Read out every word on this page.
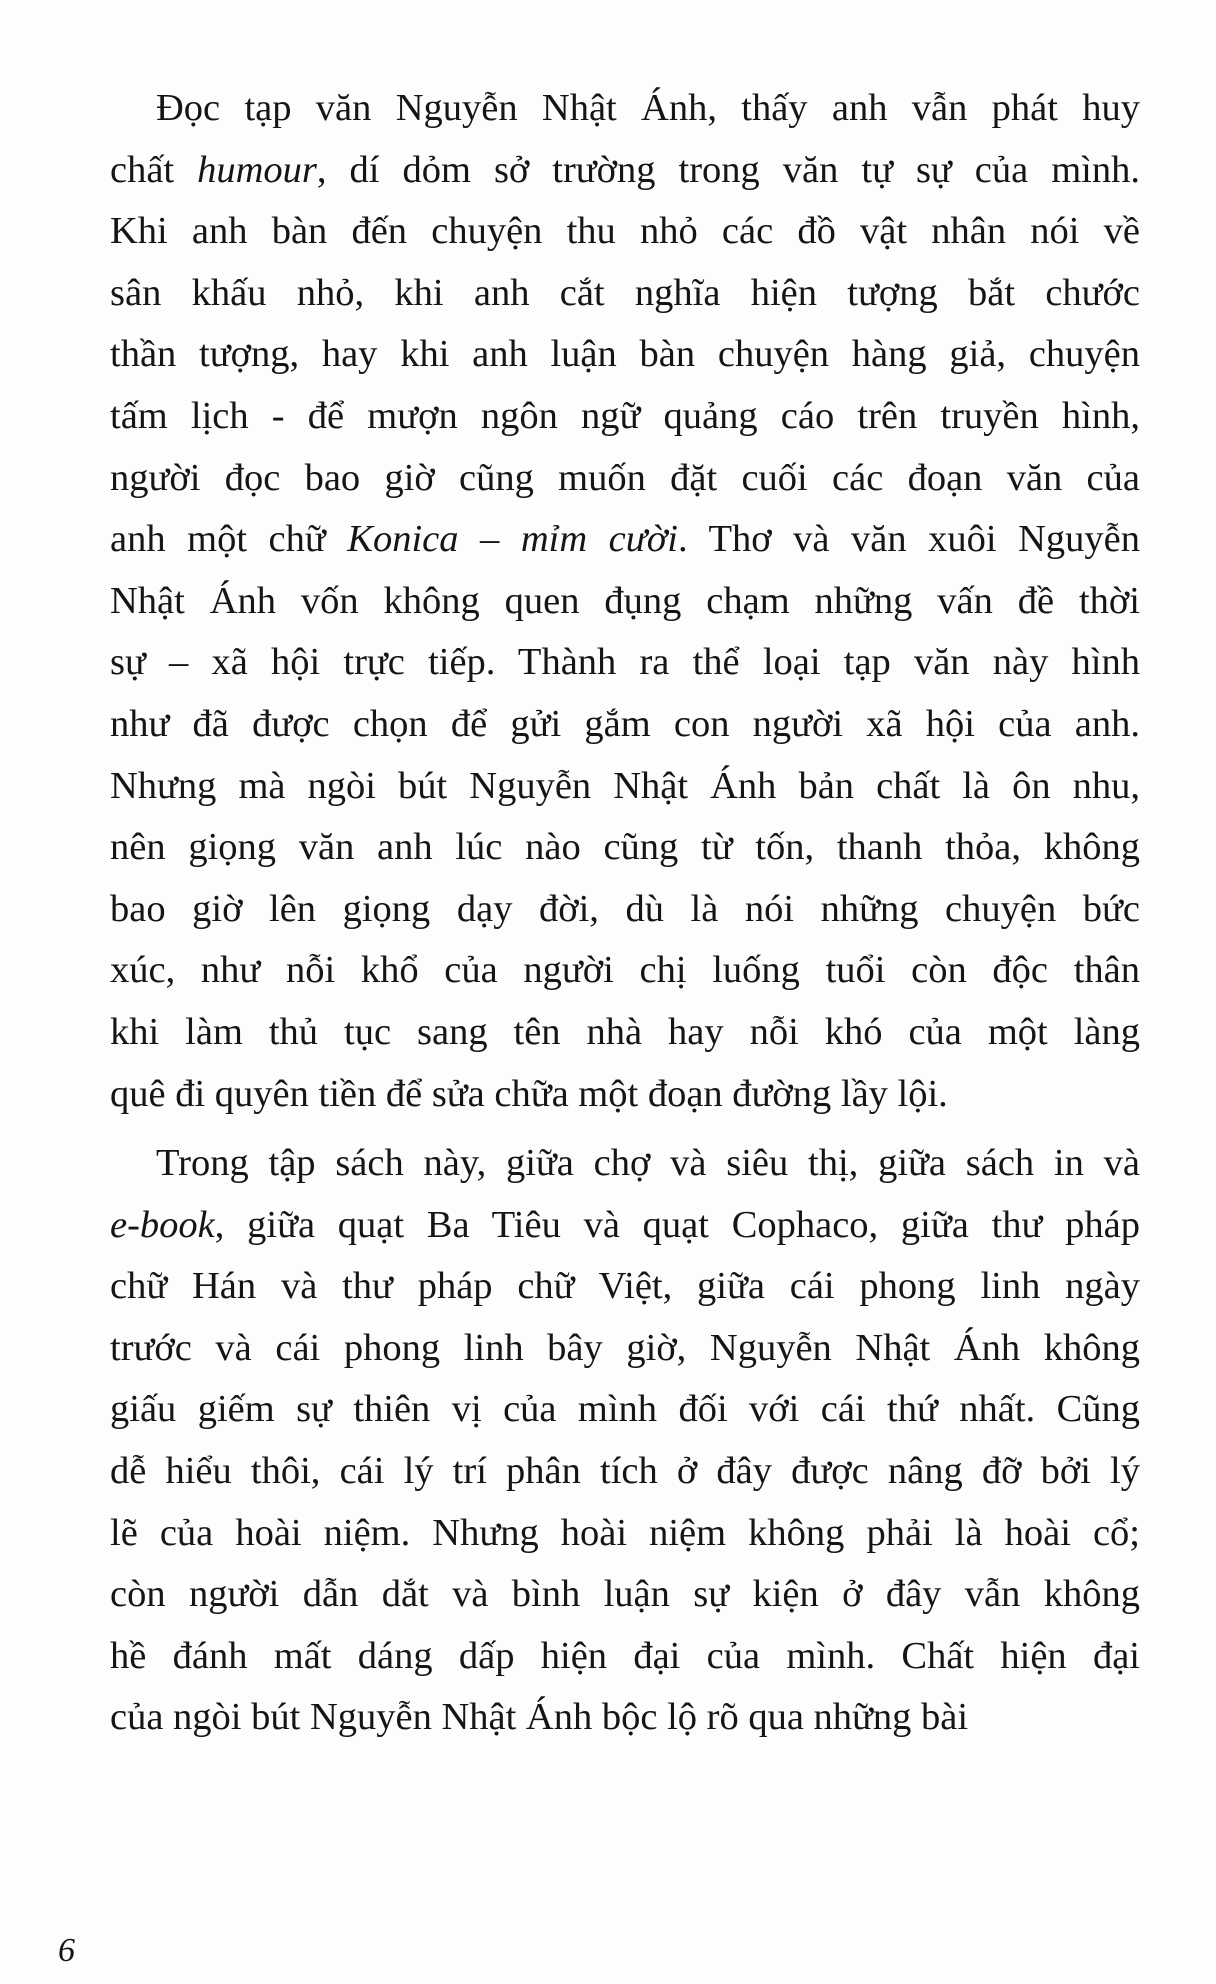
Đọc tạp văn Nguyễn Nhật Ánh, thấy anh vẫn phát huy
chất humour, dí dỏm sở trường trong văn tự sự của mình.
Khi anh bàn đến chuyện thu nhỏ các đồ vật nhân nói về
sân khấu nhỏ, khi anh cắt nghĩa hiện tượng bắt chước
thần tượng, hay khi anh luận bàn chuyện hàng giả, chuyện
tấm lịch - để mượn ngôn ngữ quảng cáo trên truyền hình,
người đọc bao giờ cũng muốn đặt cuối các đoạn văn của
anh một chữ Konica – mỉm cười. Thơ và văn xuôi Nguyễn
Nhật Ánh vốn không quen đụng chạm những vấn đề thời
sự – xã hội trực tiếp. Thành ra thể loại tạp văn này hình
như đã được chọn để gửi gắm con người xã hội của anh.
Nhưng mà ngòi bút Nguyễn Nhật Ánh bản chất là ôn nhu,
nên giọng văn anh lúc nào cũng từ tốn, thanh thỏa, không
bao giờ lên giọng dạy đời, dù là nói những chuyện bức
xúc, như nỗi khổ của người chị luống tuổi còn độc thân
khi làm thủ tục sang tên nhà hay nỗi khó của một làng
quê đi quyên tiền để sửa chữa một đoạn đường lầy lội.

Trong tập sách này, giữa chợ và siêu thị, giữa sách in và
e-book, giữa quạt Ba Tiêu và quạt Cophaco, giữa thư pháp
chữ Hán và thư pháp chữ Việt, giữa cái phong linh ngày
trước và cái phong linh bây giờ, Nguyễn Nhật Ánh không
giấu giếm sự thiên vị của mình đối với cái thứ nhất. Cũng
dễ hiểu thôi, cái lý trí phân tích ở đây được nâng đỡ bởi lý
lẽ của hoài niệm. Nhưng hoài niệm không phải là hoài cổ;
còn người dẫn dắt và bình luận sự kiện ở đây vẫn không
hề đánh mất dáng dấp hiện đại của mình. Chất hiện đại
của ngòi bút Nguyễn Nhật Ánh bộc lộ rõ qua những bài

6
